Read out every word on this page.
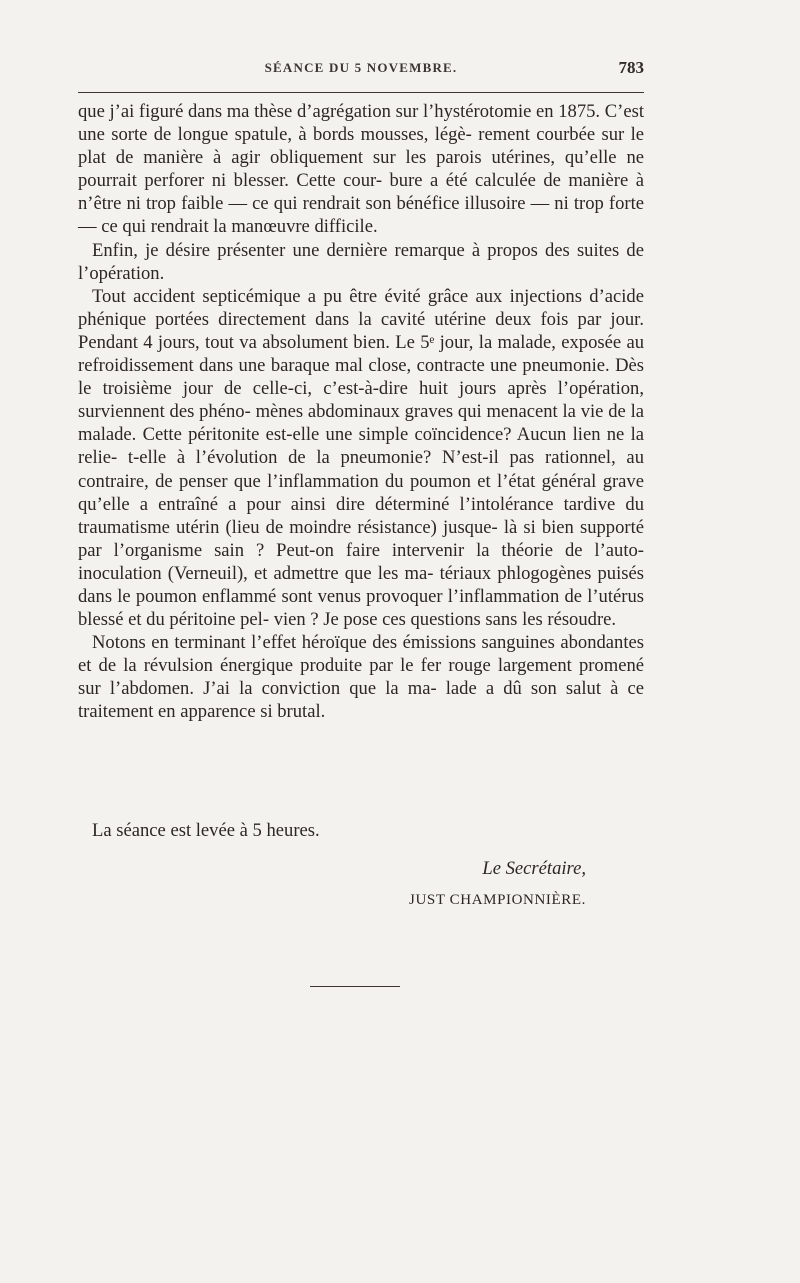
SÉANCE DU 5 NOVEMBRE.	783

que j’ai figuré dans ma thèse d’agrégation sur l’hystérotomie en 1875. C’est une sorte de longue spatule, à bords mousses, légè- rement courbée sur le plat de manière à agir obliquement sur les parois utérines, qu’elle ne pourrait perforer ni blesser. Cette cour- bure a été calculée de manière à n’être ni trop faible — ce qui rendrait son bénéfice illusoire — ni trop forte — ce qui rendrait la manœuvre difficile.

Enfin, je désire présenter une dernière remarque à propos des suites de l’opération.

Tout accident septicémique a pu être évité grâce aux injections d’acide phénique portées directement dans la cavité utérine deux fois par jour. Pendant 4 jours, tout va absolument bien. Le 5ᵉ jour, la malade, exposée au refroidissement dans une baraque mal close, contracte une pneumonie. Dès le troisième jour de celle-ci, c’est-à-dire huit jours après l’opération, surviennent des phéno- mènes abdominaux graves qui menacent la vie de la malade. Cette péritonite est-elle une simple coïncidence? Aucun lien ne la relie- t-elle à l’évolution de la pneumonie? N’est-il pas rationnel, au contraire, de penser que l’inflammation du poumon et l’état général grave qu’elle a entraîné a pour ainsi dire déterminé l’intolérance tardive du traumatisme utérin (lieu de moindre résistance) jusque- là si bien supporté par l’organisme sain ? Peut-on faire intervenir la théorie de l’auto-inoculation (Verneuil), et admettre que les ma- tériaux phlogogènes puisés dans le poumon enflammé sont venus provoquer l’inflammation de l’utérus blessé et du péritoine pel- vien ? Je pose ces questions sans les résoudre.

Notons en terminant l’effet héroïque des émissions sanguines abondantes et de la révulsion énergique produite par le fer rouge largement promené sur l’abdomen. J’ai la conviction que la ma- lade a dû son salut à ce traitement en apparence si brutal.

La séance est levée à 5 heures.
Le Secrétaire,
JUST CHAMPIONNIÈRE.
